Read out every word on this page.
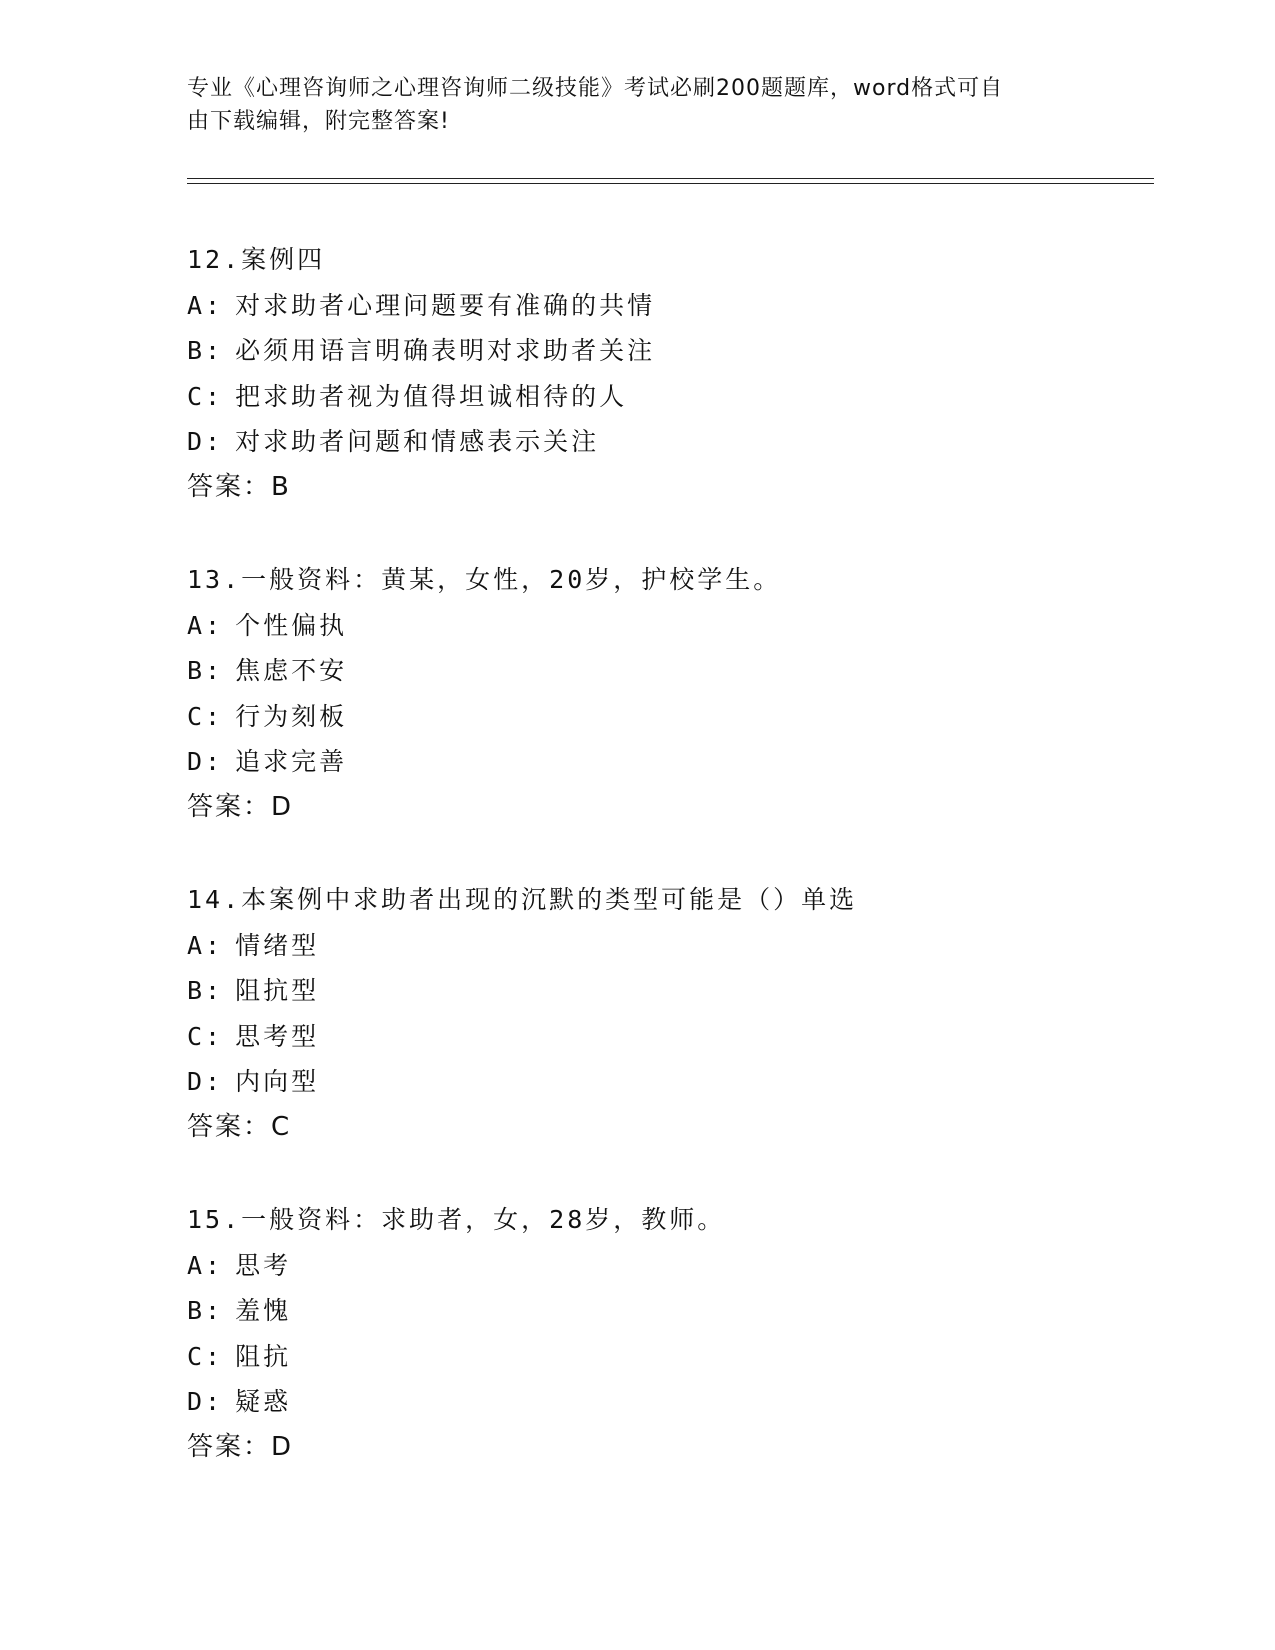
专业《心理咨询师之心理咨询师二级技能》考试必刷200题题库，word格式可自
由下载编辑，附完整答案!
12.案例四
A: 对求助者心理问题要有准确的共情
B: 必须用语言明确表明对求助者关注
C: 把求助者视为值得坦诚相待的人
D: 对求助者问题和情感表示关注
答案：B
13.一般资料：黄某，女性，20岁，护校学生。
A: 个性偏执
B: 焦虑不安
C: 行为刻板
D: 追求完善
答案：D
14.本案例中求助者出现的沉默的类型可能是（）单选
A: 情绪型
B: 阻抗型
C: 思考型
D: 内向型
答案：C
15.一般资料：求助者，女，28岁，教师。
A: 思考
B: 羞愧
C: 阻抗
D: 疑惑
答案：D
